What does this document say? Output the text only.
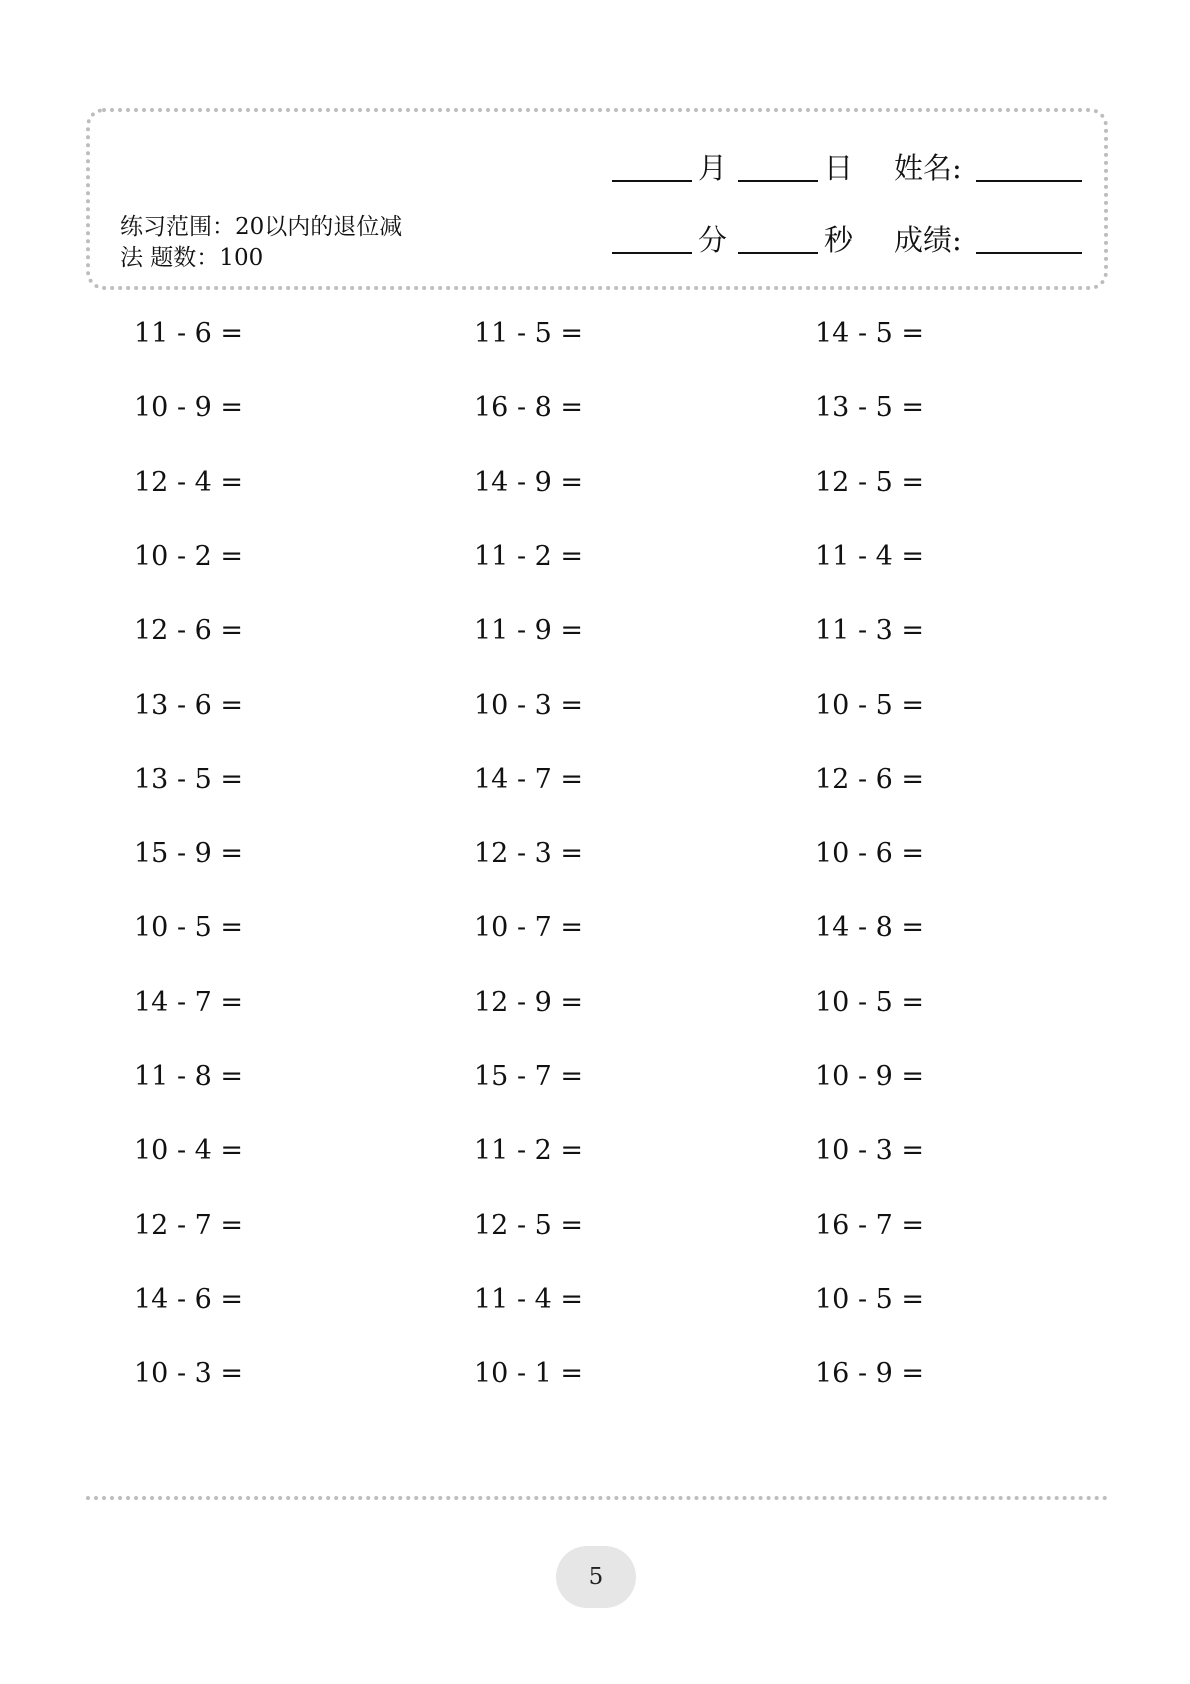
练习范围：20以内的退位减
法 题数：100
月	日 姓名:
分	秒 成绩:
11 - 6 =
10 - 9 =
12 - 4 =
10 - 2 =
12 - 6 =
13 - 6 =
13 - 5 =
15 - 9 =
10 - 5 =
14 - 7 =
11 - 8 =
10 - 4 =
12 - 7 =
14 - 6 =
10 - 3 =
11 - 5 =
16 - 8 =
14 - 9 =
11 - 2 =
11 - 9 =
10 - 3 =
14 - 7 =
12 - 3 =
10 - 7 =
12 - 9 =
15 - 7 =
11 - 2 =
12 - 5 =
11 - 4 =
10 - 1 =
14 - 5 =
13 - 5 =
12 - 5 =
11 - 4 =
11 - 3 =
10 - 5 =
12 - 6 =
10 - 6 =
14 - 8 =
10 - 5 =
10 - 9 =
10 - 3 =
16 - 7 =
10 - 5 =
16 - 9 =
5
